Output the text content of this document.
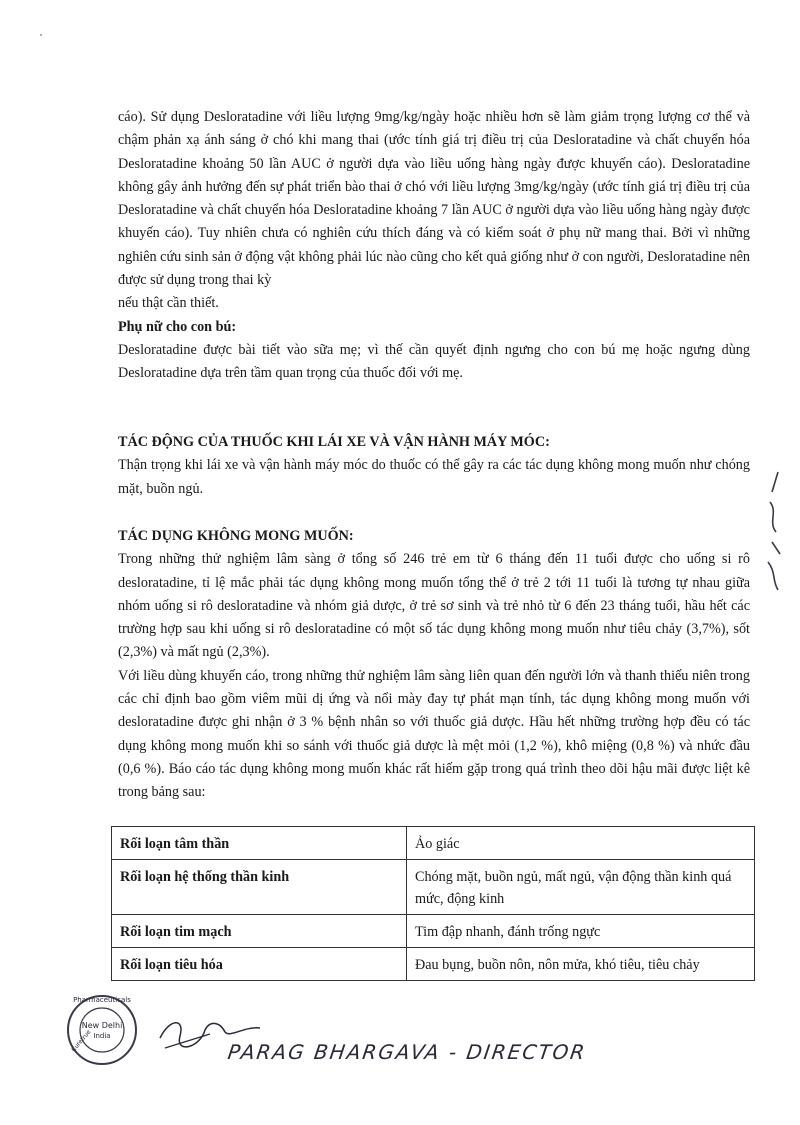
cáo). Sử dụng Desloratadine với liều lượng 9mg/kg/ngày hoặc nhiều hơn sẽ làm giảm trọng lượng cơ thể và chậm phản xạ ánh sáng ở chó khi mang thai (ước tính giá trị điều trị của Desloratadine và chất chuyển hóa Desloratadine khoảng 50 lần AUC ở người dựa vào liều uống hàng ngày được khuyến cáo). Desloratadine không gây ảnh hưởng đến sự phát triển bào thai ở chó với liều lượng 3mg/kg/ngày (ước tính giá trị điều trị của Desloratadine và chất chuyển hóa Desloratadine khoảng 7 lần AUC ở người dựa vào liều uống hàng ngày được khuyến cáo). Tuy nhiên chưa có nghiên cứu thích đáng và có kiểm soát ở phụ nữ mang thai. Bởi vì những nghiên cứu sinh sản ở động vật không phải lúc nào cũng cho kết quả giống như ở con người, Desloratadine nên được sử dụng trong thai kỳ

nếu thật cần thiết.

Phụ nữ cho con bú:

Desloratadine được bài tiết vào sữa mẹ; vì thế cần quyết định ngưng cho con bú mẹ hoặc ngưng dùng Desloratadine dựa trên tầm quan trọng của thuốc đối với mẹ.

TÁC ĐỘNG CỦA THUỐC KHI LÁI XE VÀ VẬN HÀNH MÁY MÓC:

Thận trọng khi lái xe và vận hành máy móc do thuốc có thể gây ra các tác dụng không mong muốn như chóng mặt, buồn ngủ.

TÁC DỤNG KHÔNG MONG MUỐN:

Trong những thử nghiệm lâm sàng ở tổng số 246 trẻ em từ 6 tháng đến 11 tuổi được cho uống si rô desloratadine, tỉ lệ mắc phải tác dụng không mong muốn tổng thể ở trẻ 2 tới 11 tuổi là tương tự nhau giữa nhóm uống si rô desloratadine và nhóm giả dược, ở trẻ sơ sinh và trẻ nhỏ từ 6 đến 23 tháng tuổi, hầu hết các trường hợp sau khi uống si rô desloratadine có một số tác dụng không mong muốn như tiêu chảy (3,7%), sốt (2,3%) và mất ngủ (2,3%).

Với liều dùng khuyến cáo, trong những thử nghiệm lâm sàng liên quan đến người lớn và thanh thiếu niên trong các chỉ định bao gồm viêm mũi dị ứng và nổi mày đay tự phát mạn tính, tác dụng không mong muốn với desloratadine được ghi nhận ở 3 % bệnh nhân so với thuốc giả dược. Hầu hết những trường hợp đều có tác dụng không mong muốn khi so sánh với thuốc giả dược là mệt mỏi (1,2 %), khô miệng (0,8 %) và nhức đầu (0,6 %). Báo cáo tác dụng không mong muốn khác rất hiếm gặp trong quá trình theo dõi hậu mãi được liệt kê trong bảng sau:

Rối loạn tâm thần	Ảo giác
Rối loạn hệ thống thần kinh	Chóng mặt, buồn ngủ, mất ngủ, vận động thần kinh quá mức, động kinh
Rối loạn tim mạch	Tim đập nhanh, đánh trống ngực
Rối loạn tiêu hóa	Đau bụng, buồn nôn, nôn mửa, khó tiêu, tiêu chảy
New Delhi
India
Pharmaceuticals
Curetrue	PARAG BHARGAVA - DIRECTOR
